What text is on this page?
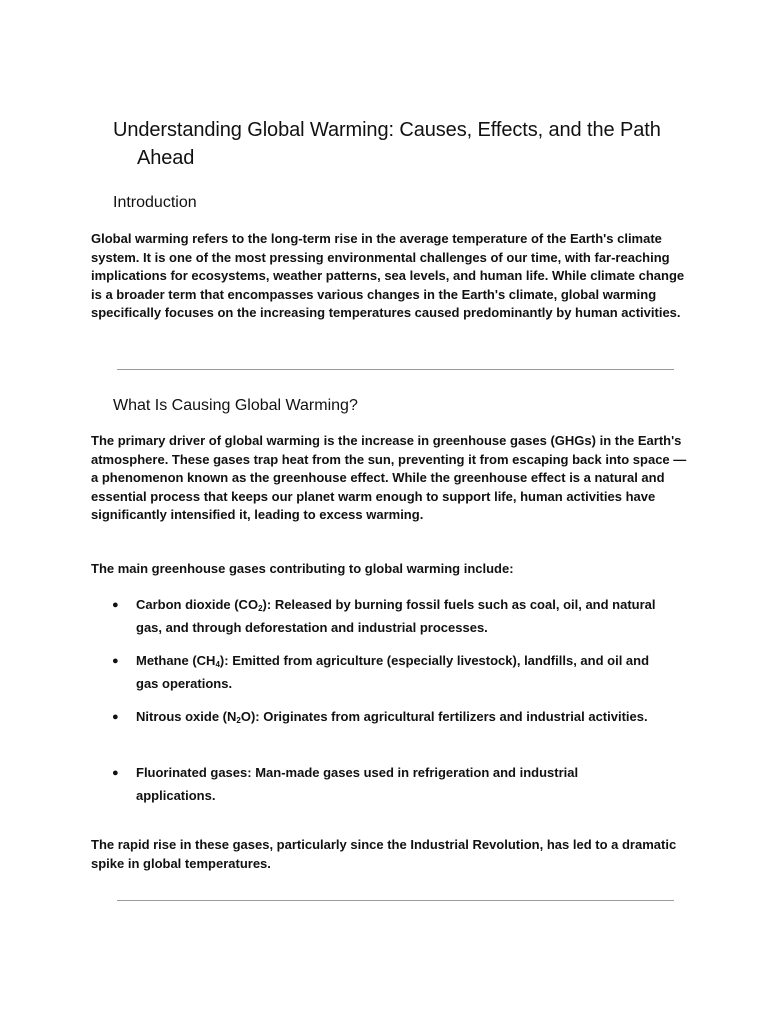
Understanding Global Warming: Causes, Effects, and the Path Ahead
Introduction

Global warming refers to the long-term rise in the average temperature of the Earth's climate system. It is one of the most pressing environmental challenges of our time, with far-reaching implications for ecosystems, weather patterns, sea levels, and human life. While climate change is a broader term that encompasses various changes in the Earth's climate, global warming specifically focuses on the increasing temperatures caused predominantly by human activities.

What Is Causing Global Warming?

The primary driver of global warming is the increase in greenhouse gases (GHGs) in the Earth's atmosphere. These gases trap heat from the sun, preventing it from escaping back into space — a phenomenon known as the greenhouse effect. While the greenhouse effect is a natural and essential process that keeps our planet warm enough to support life, human activities have significantly intensified it, leading to excess warming.

The main greenhouse gases contributing to global warming include:

● Carbon dioxide $(CO_2)$: Released by burning fossil fuels such as coal, oil, and natural gas, and through deforestation and industrial processes.
● Methane $(CH_4)$: Emitted from agriculture (especially livestock), landfills, and oil and gas operations.
● Nitrous oxide $(N_2O)$: Originates from agricultural fertilizers and industrial activities.
● Fluorinated gases: Man-made gases used in refrigeration and industrial applications.

The rapid rise in these gases, particularly since the Industrial Revolution, has led to a dramatic spike in global temperatures.
